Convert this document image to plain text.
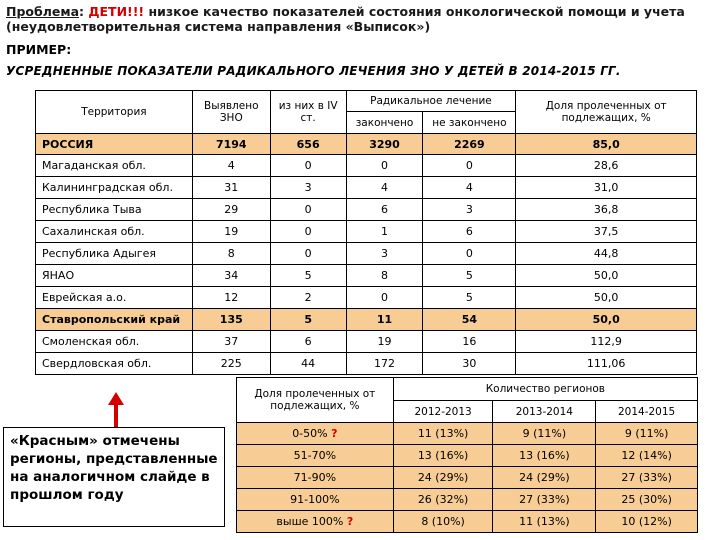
Проблема: ДЕТИ!!! низкое качество показателей состояния онкологической помощи и учета (неудовлетворительная система направления «Выписок»)
ПРИМЕР:
УСРЕДНЕННЫЕ ПОКАЗАТЕЛИ РАДИКАЛЬНОГО ЛЕЧЕНИЯ ЗНО У ДЕТЕЙ В 2014-2015 ГГ.
Территория	Выявлено ЗНО	из них в IV ст.	Радикальное лечение		Доля пролеченных от подлежащих, %
			закончено	не закончено	
РОССИЯ	7194	656	3290	2269	85,0
Магаданская обл.	4	0	0	0	28,6
Калининградская обл.	31	3	4	4	31,0
Республика Тыва	29	0	6	3	36,8
Сахалинская обл.	19	0	1	6	37,5
Республика Адыгея	8	0	3	0	44,8
ЯНАО	34	5	8	5	50,0
Еврейская а.о.	12	2	0	5	50,0
Ставропольский край	135	5	11	54	50,0
Смоленская обл.	37	6	19	16	112,9
Свердловская обл.	225	44	172	30	111,06
«Красным» отмечены регионы, представленные на аналогичном слайде в прошлом году
Доля пролеченных от подлежащих, %	Количество регионов		
	2012-2013	2013-2014	2014-2015
0-50% ?	11 (13%)	9 (11%)	9 (11%)
51-70%	13 (16%)	13 (16%)	12 (14%)
71-90%	24 (29%)	24 (29%)	27 (33%)
91-100%	26 (32%)	27 (33%)	25 (30%)
выше 100% ?	8 (10%)	11 (13%)	10 (12%)
